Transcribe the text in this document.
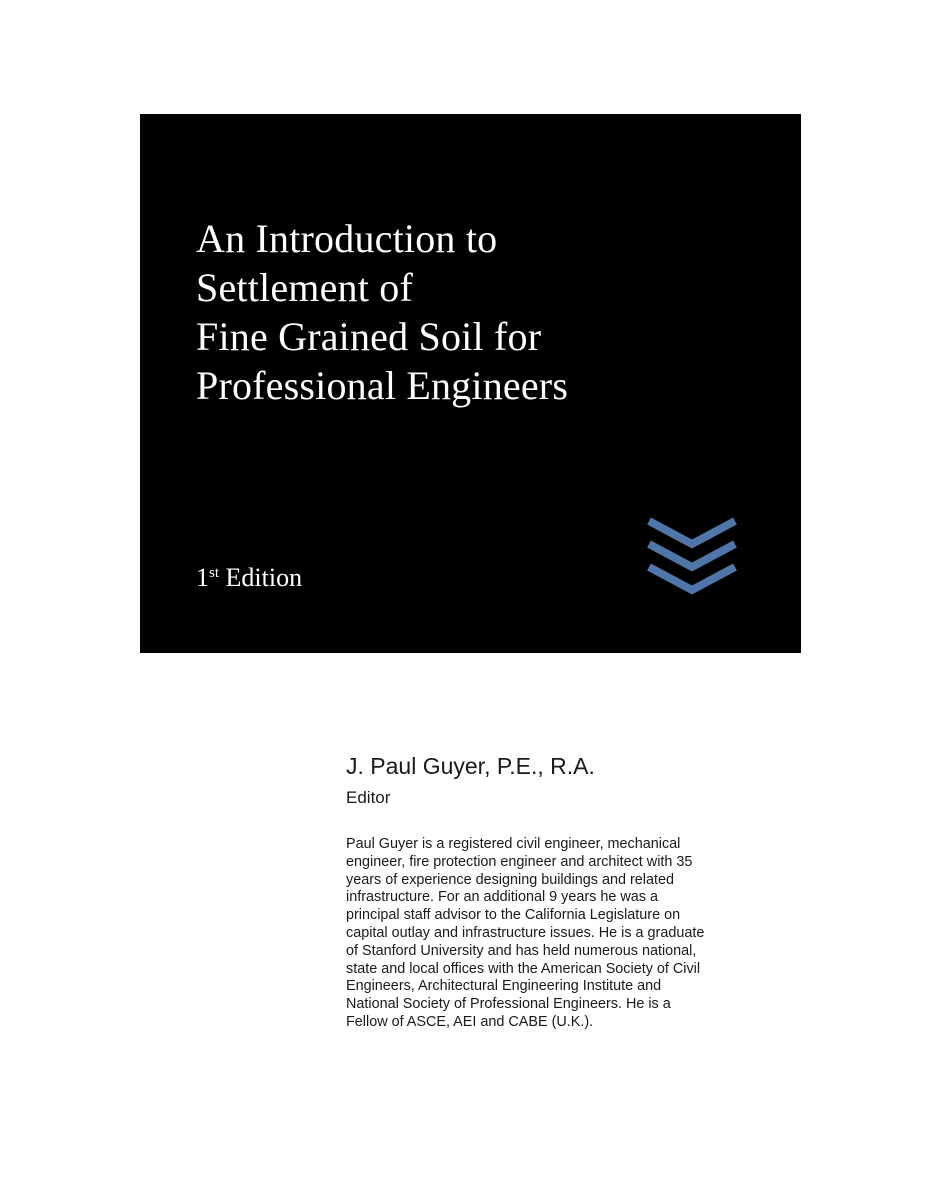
An Introduction to
Settlement of
Fine Grained Soil for
Professional Engineers
1st Edition
J. Paul Guyer, P.E., R.A.
Editor

Paul Guyer is a registered civil engineer, mechanical
engineer, fire protection engineer and architect with 35
years of experience designing buildings and related
infrastructure. For an additional 9 years he was a
principal staff advisor to the California Legislature on
capital outlay and infrastructure issues. He is a graduate
of Stanford University and has held numerous national,
state and local offices with the American Society of Civil
Engineers, Architectural Engineering Institute and
National Society of Professional Engineers. He is a
Fellow of ASCE, AEI and CABE (U.K.).
